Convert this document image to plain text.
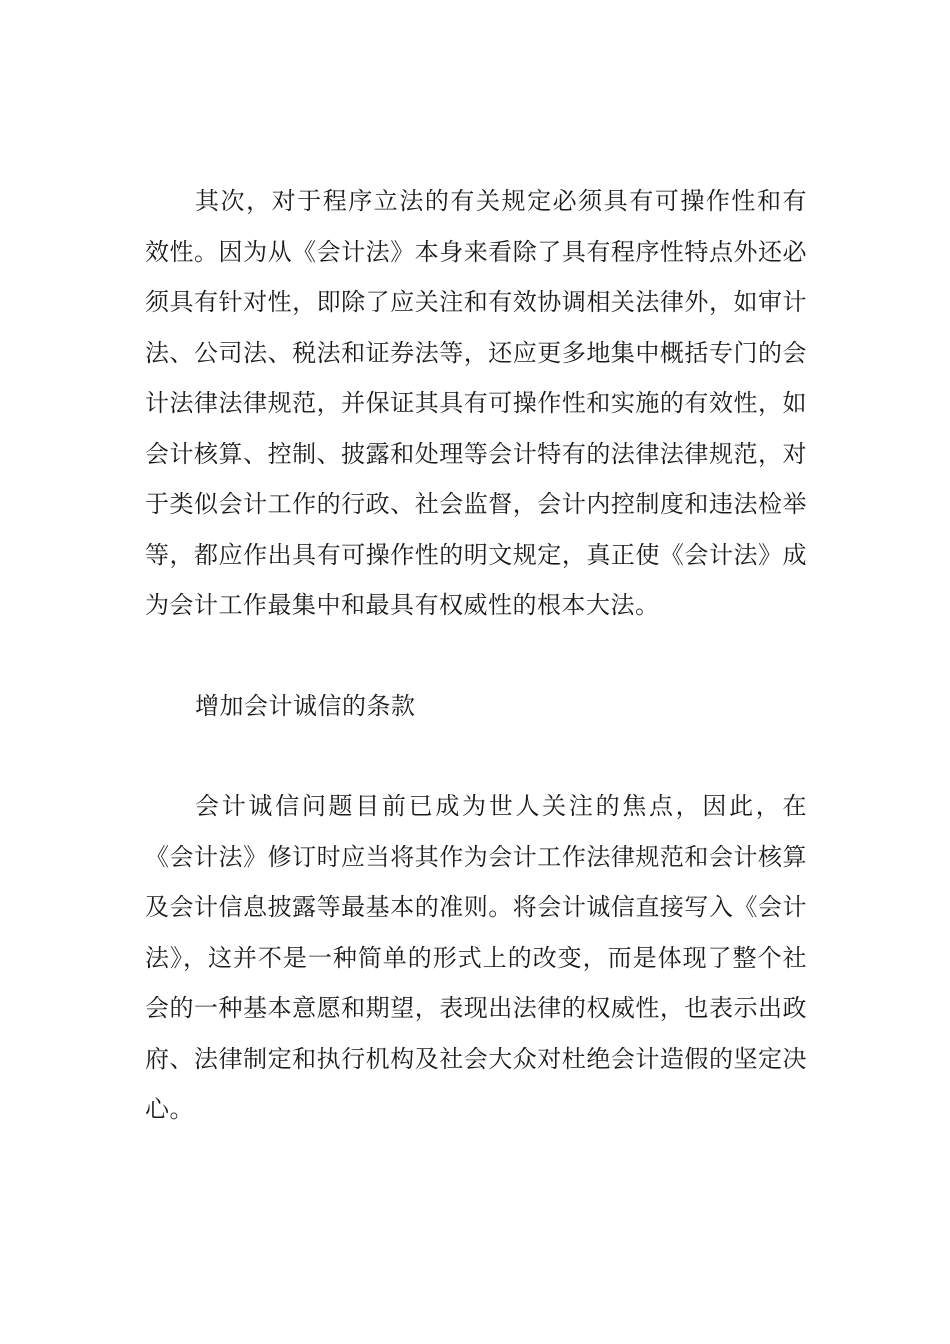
其次，对于程序立法的有关规定必须具有可操作性和有效性。因为从《会计法》本身来看除了具有程序性特点外还必须具有针对性，即除了应关注和有效协调相关法律外，如审计法、公司法、税法和证券法等，还应更多地集中概括专门的会计法律法律规范，并保证其具有可操作性和实施的有效性，如会计核算、控制、披露和处理等会计特有的法律法律规范，对于类似会计工作的行政、社会监督，会计内控制度和违法检举等，都应作出具有可操作性的明文规定，真正使《会计法》成为会计工作最集中和最具有权威性的根本大法。

增加会计诚信的条款

会计诚信问题目前已成为世人关注的焦点，因此，在《会计法》修订时应当将其作为会计工作法律规范和会计核算及会计信息披露等最基本的准则。将会计诚信直接写入《会计法》，这并不是一种简单的形式上的改变，而是体现了整个社会的一种基本意愿和期望，表现出法律的权威性，也表示出政府、法律制定和执行机构及社会大众对杜绝会计造假的坚定决心。
